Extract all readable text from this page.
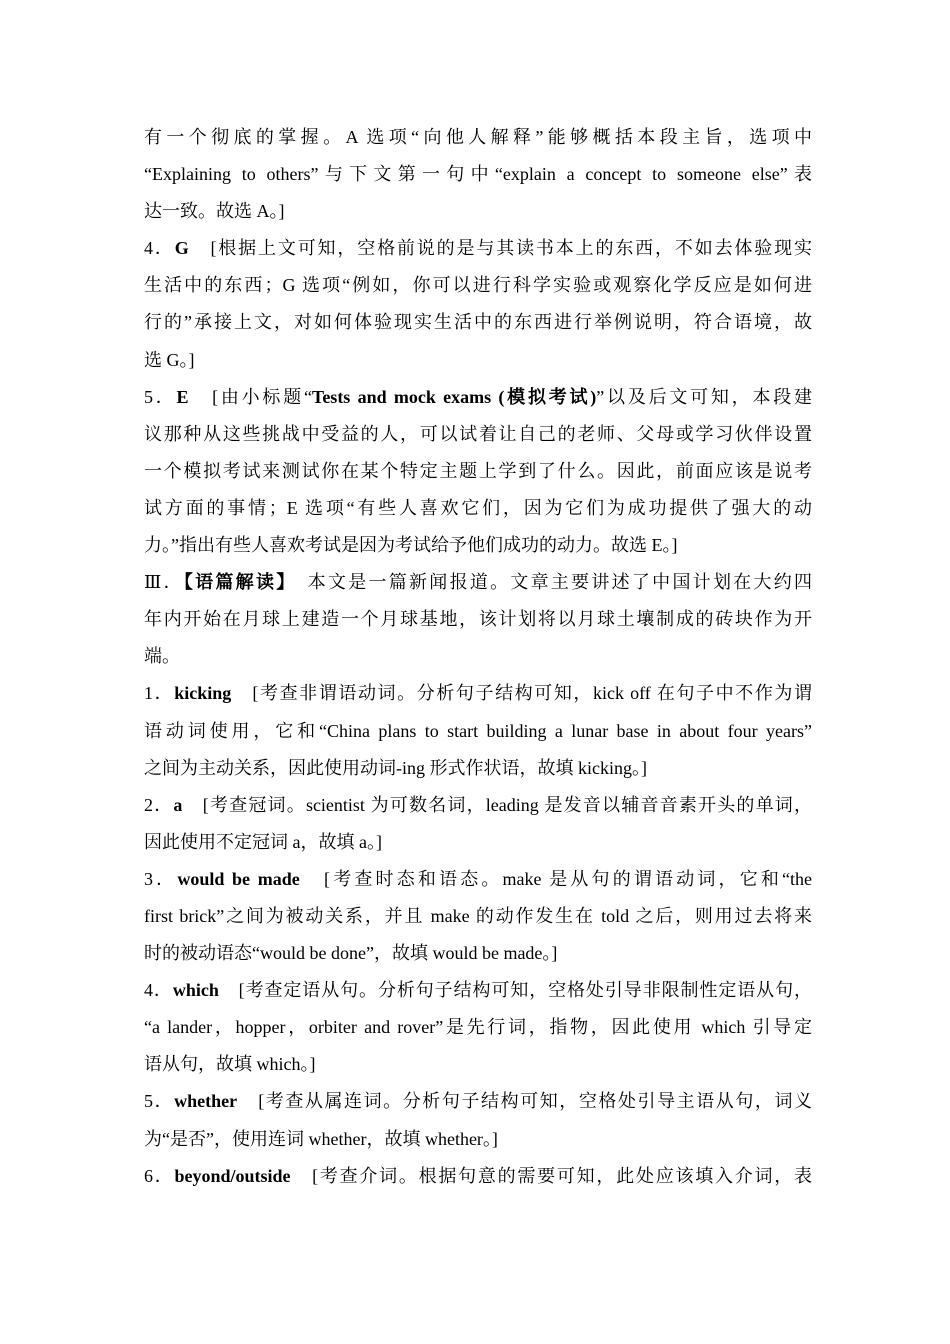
有一个彻底的掌握。A 选项“向他人解释”能够概括本段主旨，选项中
“Explaining to others”与下文第一句中“explain a concept to someone else”表
达一致。故选 A。]
4．G　[根据上文可知，空格前说的是与其读书本上的东西，不如去体验现实
生活中的东西；G 选项“例如，你可以进行科学实验或观察化学反应是如何进
行的”承接上文，对如何体验现实生活中的东西进行举例说明，符合语境，故
选 G。]
5．E　[由小标题“Tests and mock exams (模拟考试)”以及后文可知，本段建
议那种从这些挑战中受益的人，可以试着让自己的老师、父母或学习伙伴设置
一个模拟考试来测试你在某个特定主题上学到了什么。因此，前面应该是说考
试方面的事情；E 选项“有些人喜欢它们，因为它们为成功提供了强大的动
力。”指出有些人喜欢考试是因为考试给予他们成功的动力。故选 E。]
Ⅲ．【语篇解读】　本文是一篇新闻报道。文章主要讲述了中国计划在大约四
年内开始在月球上建造一个月球基地，该计划将以月球土壤制成的砖块作为开
端。
1．kicking　[考查非谓语动词。分析句子结构可知，kick off 在句子中不作为谓
语动词使用，它和“China plans to start building a lunar base in about four years”
之间为主动关系，因此使用动词-ing 形式作状语，故填 kicking。]
2．a　[考查冠词。scientist 为可数名词，leading 是发音以辅音音素开头的单词，
因此使用不定冠词 a，故填 a。]
3．would be made　[考查时态和语态。make 是从句的谓语动词，它和“the
first brick”之间为被动关系，并且 make 的动作发生在 told 之后，则用过去将来
时的被动语态“would be done”，故填 would be made。]
4．which　[考查定语从句。分析句子结构可知，空格处引导非限制性定语从句，
“a lander，hopper，orbiter and rover”是先行词，指物，因此使用 which 引导定
语从句，故填 which。]
5．whether　[考查从属连词。分析句子结构可知，空格处引导主语从句，词义
为“是否”，使用连词 whether，故填 whether。]
6．beyond/outside　[考查介词。根据句意的需要可知，此处应该填入介词，表
